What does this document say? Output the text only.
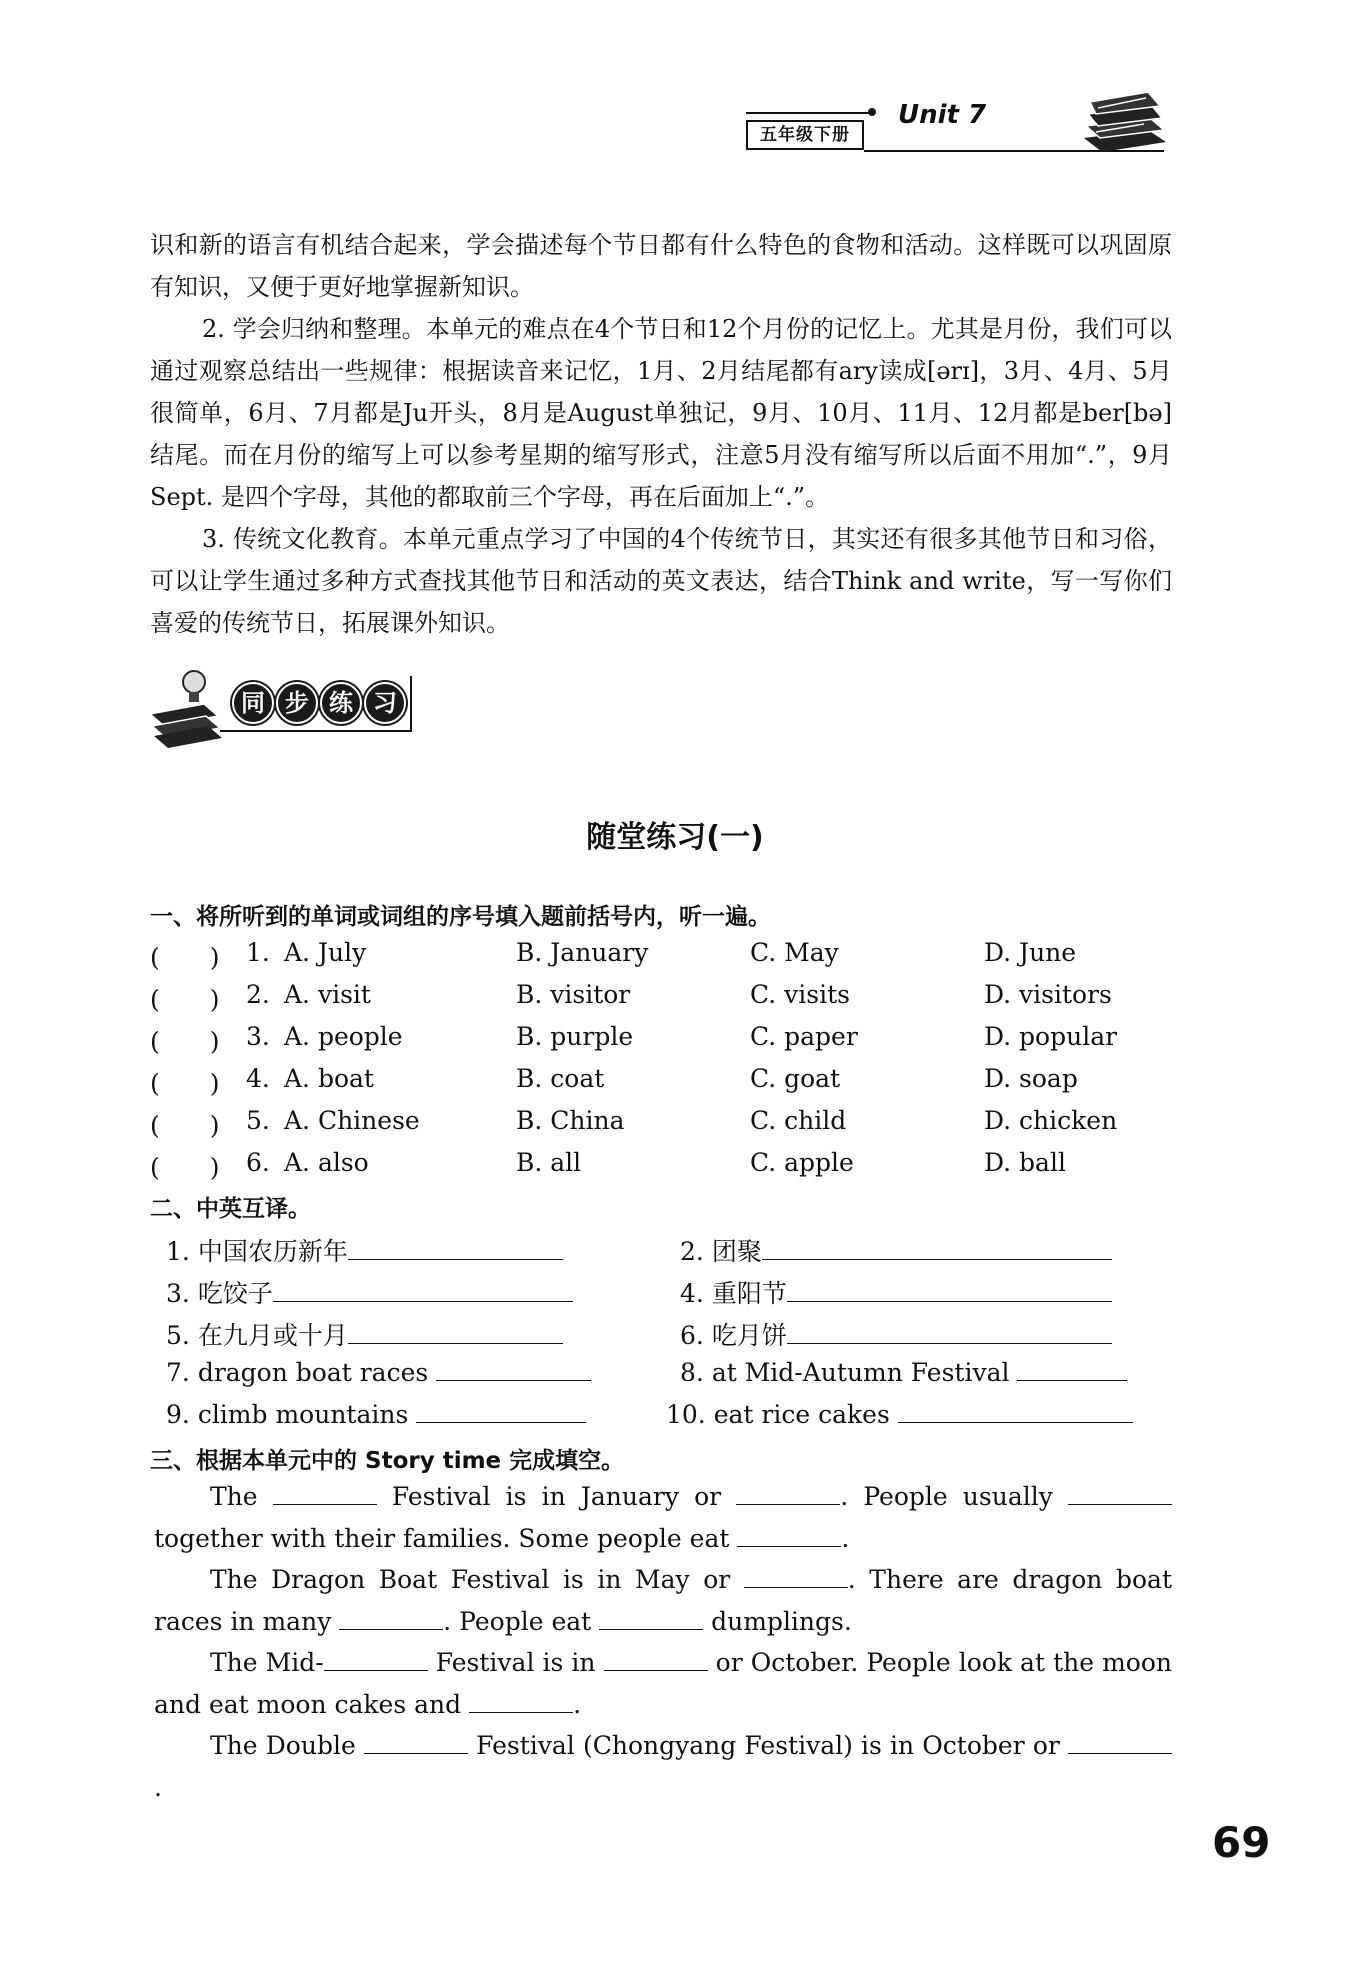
五年级下册
Unit 7

识和新的语言有机结合起来，学会描述每个节日都有什么特色的食物和活动。这样既可以巩固原有知识，又便于更好地掌握新知识。

2. 学会归纳和整理。本单元的难点在4个节日和12个月份的记忆上。尤其是月份，我们可以通过观察总结出一些规律：根据读音来记忆，1月、2月结尾都有ary读成[ərɪ]，3月、4月、5月很简单，6月、7月都是Ju开头，8月是August单独记，9月、10月、11月、12月都是ber[bə]结尾。而在月份的缩写上可以参考星期的缩写形式，注意5月没有缩写所以后面不用加“.”，9月Sept. 是四个字母，其他的都取前三个字母，再在后面加上“.”。

3. 传统文化教育。本单元重点学习了中国的4个传统节日，其实还有很多其他节日和习俗，可以让学生通过多种方式查找其他节日和活动的英文表达，结合Think and write，写一写你们喜爱的传统节日，拓展课外知识。

同 步 练 习
随堂练习(一)
一、将所听到的单词或词组的序号填入题前括号内，听一遍。
(　　) 1. A. July	B. January	C. May	D. June
(　　) 2. A. visit	B. visitor	C. visits	D. visitors
(　　) 3. A. people	B. purple	C. paper	D. popular
(　　) 4. A. boat	B. coat	C. goat	D. soap
(　　) 5. A. Chinese	B. China	C. child	D. chicken
(　　) 6. A. also	B. all	C. apple	D. ball
二、中英互译。
1. 中国农历新年	2. 团聚
3. 吃饺子	4. 重阳节
5. 在九月或十月	6. 吃月饼
7. dragon boat races	8. at Mid-Autumn Festival
9. climb mountains	10. eat rice cakes
三、根据本单元中的 Story time 完成填空。

The	Festival is in January or	. People usually  together with their families. Some people eat	.

The Dragon Boat Festival is in May or	. There are dragon boat races in many	. People eat	dumplings.

The Mid-	Festival is in	or October. People look at the moon and eat moon cakes and	.

The Double	Festival (Chongyang Festival) is in October or .

69
